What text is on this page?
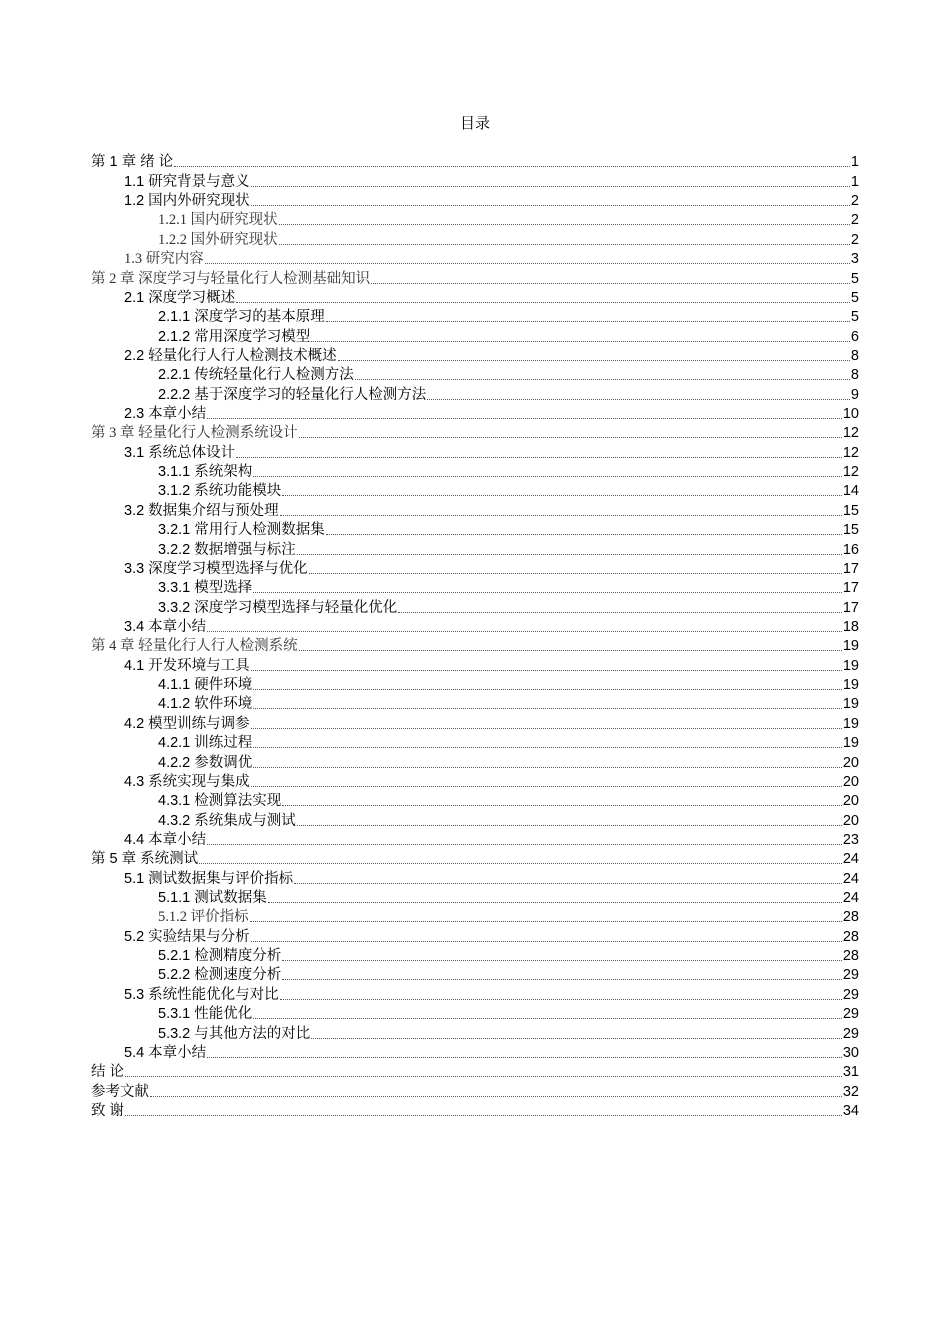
目录
第 1 章 绪 论	1
1.1 研究背景与意义	1
1.2 国内外研究现状	2
1.2.1 国内研究现状	2
1.2.2 国外研究现状	2
1.3 研究内容	3
第 2 章 深度学习与轻量化行人检测基础知识	5
2.1 深度学习概述	5
2.1.1 深度学习的基本原理	5
2.1.2 常用深度学习模型	6
2.2 轻量化行人行人检测技术概述	8
2.2.1 传统轻量化行人检测方法	8
2.2.2 基于深度学习的轻量化行人检测方法	9
2.3 本章小结	10
第 3 章 轻量化行人检测系统设计	12
3.1 系统总体设计	12
3.1.1 系统架构	12
3.1.2 系统功能模块	14
3.2 数据集介绍与预处理	15
3.2.1 常用行人检测数据集	15
3.2.2 数据增强与标注	16
3.3 深度学习模型选择与优化	17
3.3.1 模型选择	17
3.3.2 深度学习模型选择与轻量化优化	17
3.4 本章小结	18
第 4 章 轻量化行人行人检测系统	19
4.1 开发环境与工具	19
4.1.1 硬件环境	19
4.1.2 软件环境	19
4.2 模型训练与调参	19
4.2.1 训练过程	19
4.2.2 参数调优	20
4.3 系统实现与集成	20
4.3.1 检测算法实现	20
4.3.2 系统集成与测试	20
4.4 本章小结	23
第 5 章 系统测试	24
5.1 测试数据集与评价指标	24
5.1.1 测试数据集	24
5.1.2 评价指标	28
5.2 实验结果与分析	28
5.2.1 检测精度分析	28
5.2.2 检测速度分析	29
5.3 系统性能优化与对比	29
5.3.1 性能优化	29
5.3.2 与其他方法的对比	29
5.4 本章小结	30
结 论	31
参考文献	32
致 谢	34
